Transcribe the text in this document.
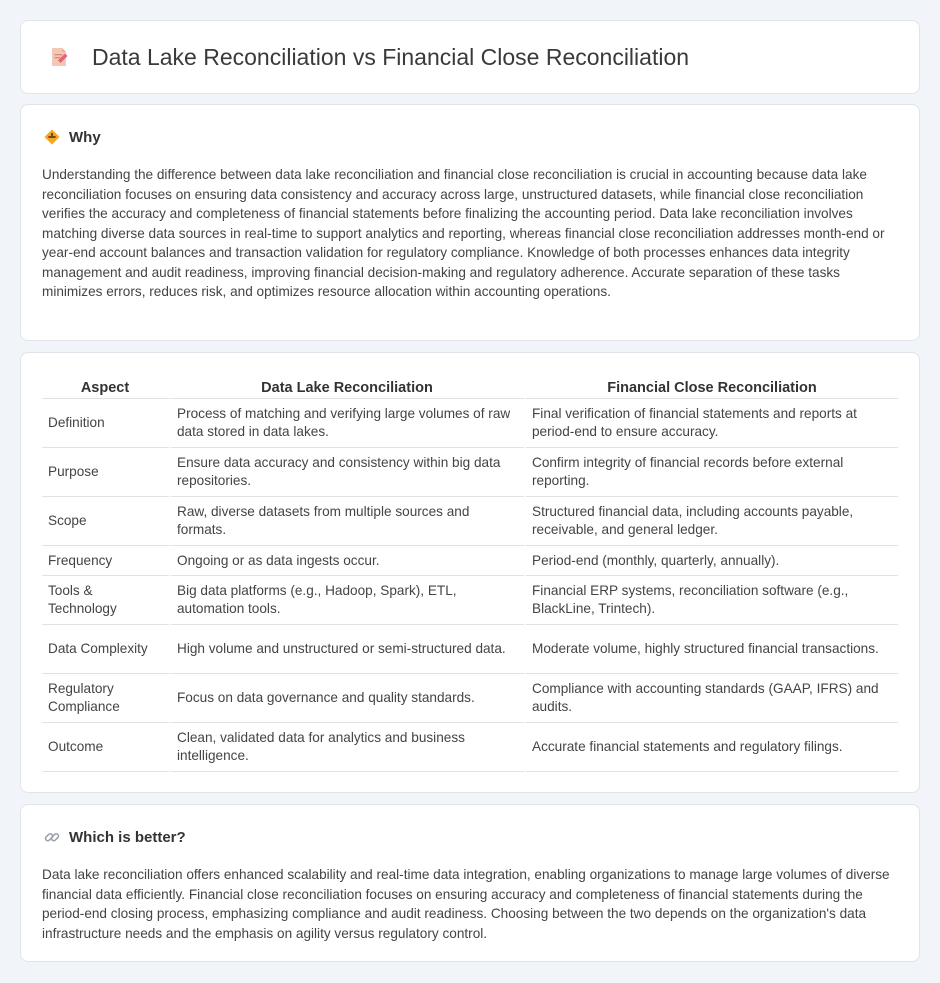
Data Lake Reconciliation vs Financial Close Reconciliation
Why

Understanding the difference between data lake reconciliation and financial close reconciliation is crucial in accounting because data lake reconciliation focuses on ensuring data consistency and accuracy across large, unstructured datasets, while financial close reconciliation verifies the accuracy and completeness of financial statements before finalizing the accounting period. Data lake reconciliation involves matching diverse data sources in real-time to support analytics and reporting, whereas financial close reconciliation addresses month-end or year-end account balances and transaction validation for regulatory compliance. Knowledge of both processes enhances data integrity management and audit readiness, improving financial decision-making and regulatory adherence. Accurate separation of these tasks minimizes errors, reduces risk, and optimizes resource allocation within accounting operations.

Aspect	Data Lake Reconciliation	Financial Close Reconciliation
Definition	Process of matching and verifying large volumes of raw data stored in data lakes.	Final verification of financial statements and reports at period-end to ensure accuracy.
Purpose	Ensure data accuracy and consistency within big data repositories.	Confirm integrity of financial records before external reporting.
Scope	Raw, diverse datasets from multiple sources and formats.	Structured financial data, including accounts payable, receivable, and general ledger.
Frequency	Ongoing or as data ingests occur.	Period-end (monthly, quarterly, annually).
Tools & Technology	Big data platforms (e.g., Hadoop, Spark), ETL, automation tools.	Financial ERP systems, reconciliation software (e.g., BlackLine, Trintech).
Data Complexity	High volume and unstructured or semi-structured data.	Moderate volume, highly structured financial transactions.
Regulatory Compliance	Focus on data governance and quality standards.	Compliance with accounting standards (GAAP, IFRS) and audits.
Outcome	Clean, validated data for analytics and business intelligence.	Accurate financial statements and regulatory filings.
Which is better?

Data lake reconciliation offers enhanced scalability and real-time data integration, enabling organizations to manage large volumes of diverse financial data efficiently. Financial close reconciliation focuses on ensuring accuracy and completeness of financial statements during the period-end closing process, emphasizing compliance and audit readiness. Choosing between the two depends on the organization's data infrastructure needs and the emphasis on agility versus regulatory control.
